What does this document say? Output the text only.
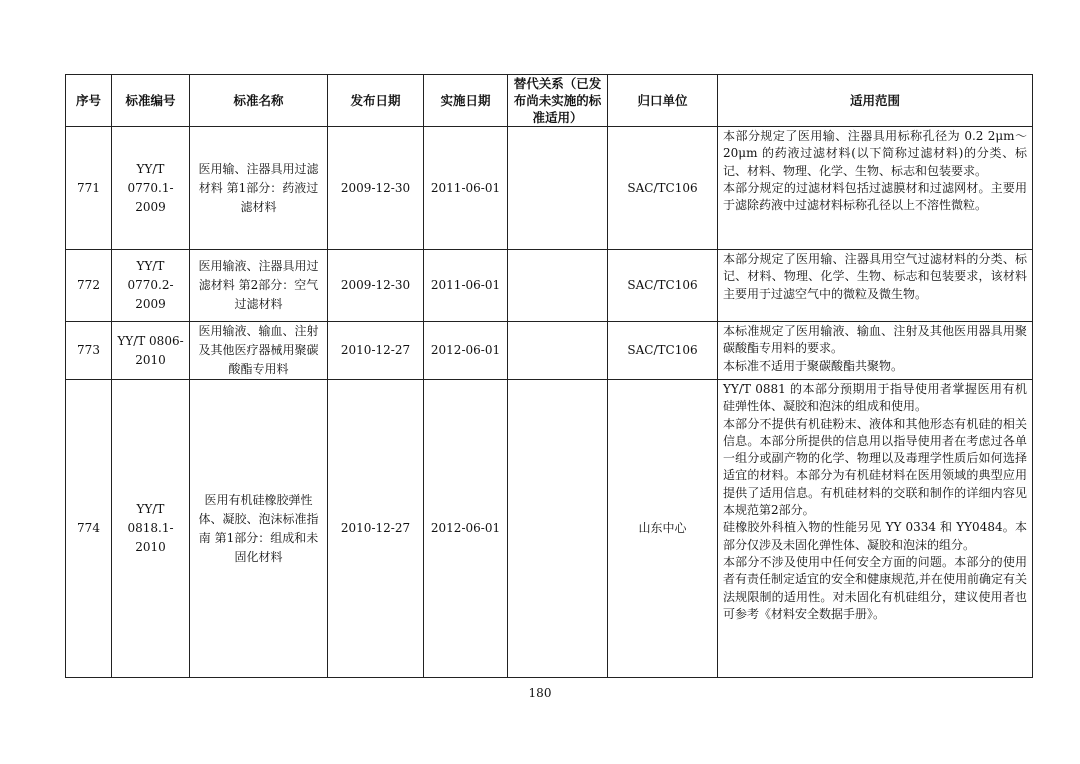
序号	标准编号	标准名称	发布日期	实施日期	替代关系（已发布尚未实施的标准适用）	归口单位	适用范围
771	YY/T 0770.1-2009	医用输、注器具用过滤材料 第1部分：药液过滤材料	2009-12-30	2011-06-01		SAC/TC106	本部分规定了医用输、注器具用标称孔径为 0.2 2μm～20μm 的药液过滤材料(以下简称过滤材料)的分类、标记、材料、物理、化学、生物、标志和包装要求。
本部分规定的过滤材料包括过滤膜材和过滤网材。主要用于滤除药液中过滤材料标称孔径以上不溶性微粒。

772	YY/T 0770.2-2009	医用输液、注器具用过滤材料 第2部分：空气过滤材料	2009-12-30	2011-06-01		SAC/TC106	本部分规定了医用输、注器具用空气过滤材料的分类、标记、材料、物理、化学、生物、标志和包装要求，该材料主要用于过滤空气中的微粒及微生物。

773	YY/T 0806-2010	医用输液、输血、注射及其他医疗器械用聚碳酸酯专用料	2010-12-27	2012-06-01		SAC/TC106	本标准规定了医用输液、输血、注射及其他医用器具用聚碳酸酯专用料的要求。
本标准不适用于聚碳酸酯共聚物。

774	YY/T 0818.1-2010	医用有机硅橡胶弹性体、凝胶、泡沫标准指南 第1部分：组成和未固化材料	2010-12-27	2012-06-01		山东中心	YY/T 0881 的本部分预期用于指导使用者掌握医用有机硅弹性体、凝胶和泡沫的组成和使用。
本部分不提供有机硅粉末、液体和其他形态有机硅的相关信息。本部分所提供的信息用以指导使用者在考虑过各单一组分或副产物的化学、物理以及毒理学性质后如何选择适宜的材料。本部分为有机硅材料在医用领域的典型应用提供了适用信息。有机硅材料的交联和制作的详细内容见本规范第2部分。
硅橡胶外科植入物的性能另见 YY 0334 和 YY0484。本部分仅涉及未固化弹性体、凝胶和泡沫的组分。
本部分不涉及使用中任何安全方面的问题。本部分的使用者有责任制定适宜的安全和健康规范,并在使用前确定有关法规限制的适用性。对未固化有机硅组分，建议使用者也可参考《材料安全数据手册》。
180
